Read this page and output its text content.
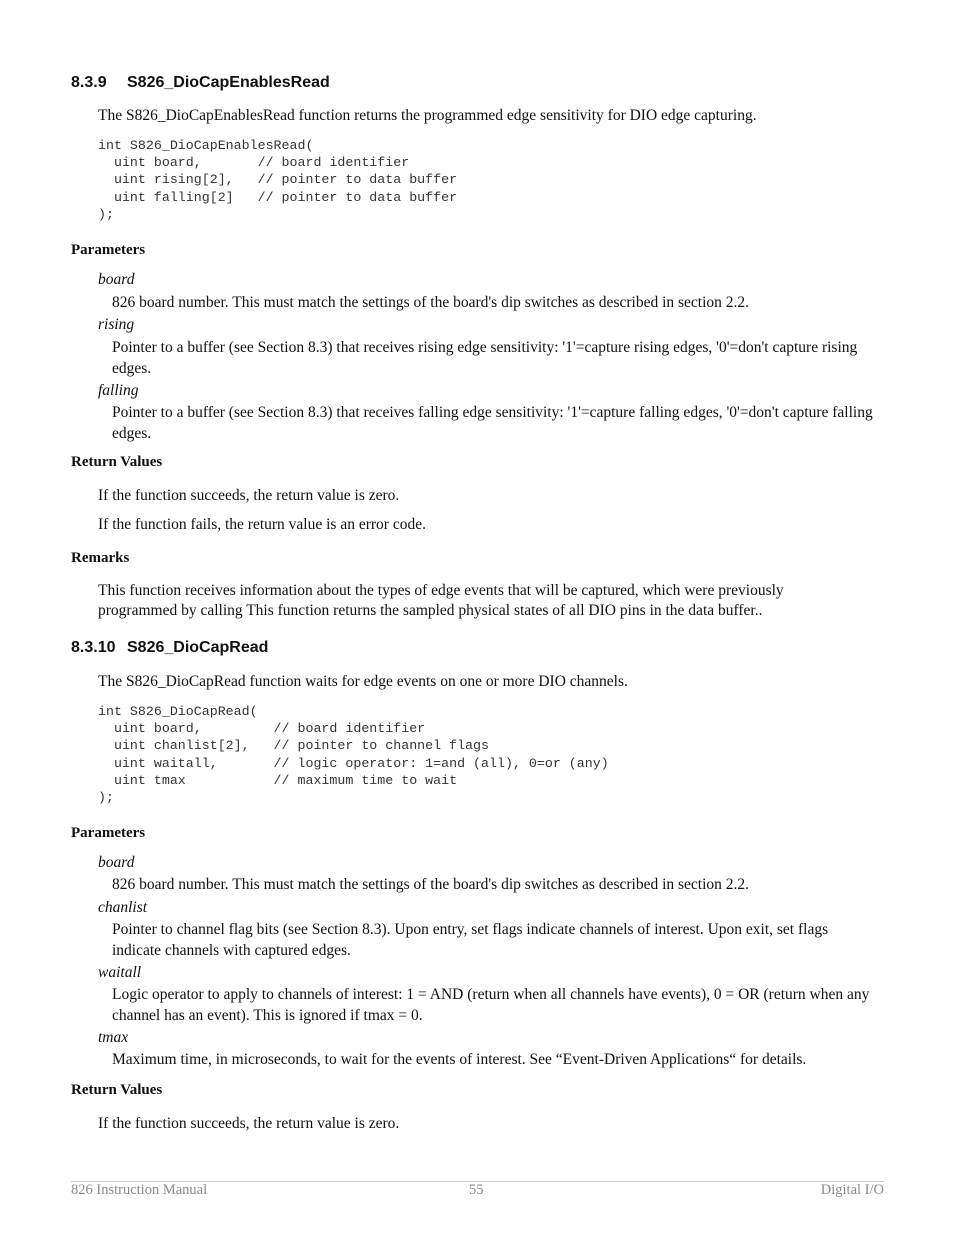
8.3.9 S826_DioCapEnablesRead

The S826_DioCapEnablesRead function returns the programmed edge sensitivity for DIO edge capturing.

int S826_DioCapEnablesRead(
uint board,       // board identifier
uint rising[2],   // pointer to data buffer
uint falling[2]   // pointer to data buffer
);
Parameters

board

826 board number. This must match the settings of the board's dip switches as described in section 2.2.

rising

Pointer to a buffer (see Section 8.3) that receives rising edge sensitivity: '1'=capture rising edges, '0'=don't capture rising edges.

falling

Pointer to a buffer (see Section 8.3) that receives falling edge sensitivity: '1'=capture falling edges, '0'=don't capture falling edges.

Return Values

If the function succeeds, the return value is zero.

If the function fails, the return value is an error code.

Remarks

This function receives information about the types of edge events that will be captured, which were previously programmed by calling This function returns the sampled physical states of all DIO pins in the data buffer..

8.3.10 S826_DioCapRead

The S826_DioCapRead function waits for edge events on one or more DIO channels.

int S826_DioCapRead(
uint board,         // board identifier
uint chanlist[2],   // pointer to channel flags
uint waitall,       // logic operator: 1=and (all), 0=or (any)
uint tmax           // maximum time to wait
);
Parameters

board

826 board number. This must match the settings of the board's dip switches as described in section 2.2.

chanlist

Pointer to channel flag bits (see Section 8.3). Upon entry, set flags indicate channels of interest. Upon exit, set flags indicate channels with captured edges.

waitall

Logic operator to apply to channels of interest: 1 = AND (return when all channels have events), 0 = OR (return when any channel has an event). This is ignored if tmax = 0.

tmax

Maximum time, in microseconds, to wait for the events of interest. See “Event-Driven Applications“ for details.

Return Values

If the function succeeds, the return value is zero.

826 Instruction Manual	55	Digital I/O
